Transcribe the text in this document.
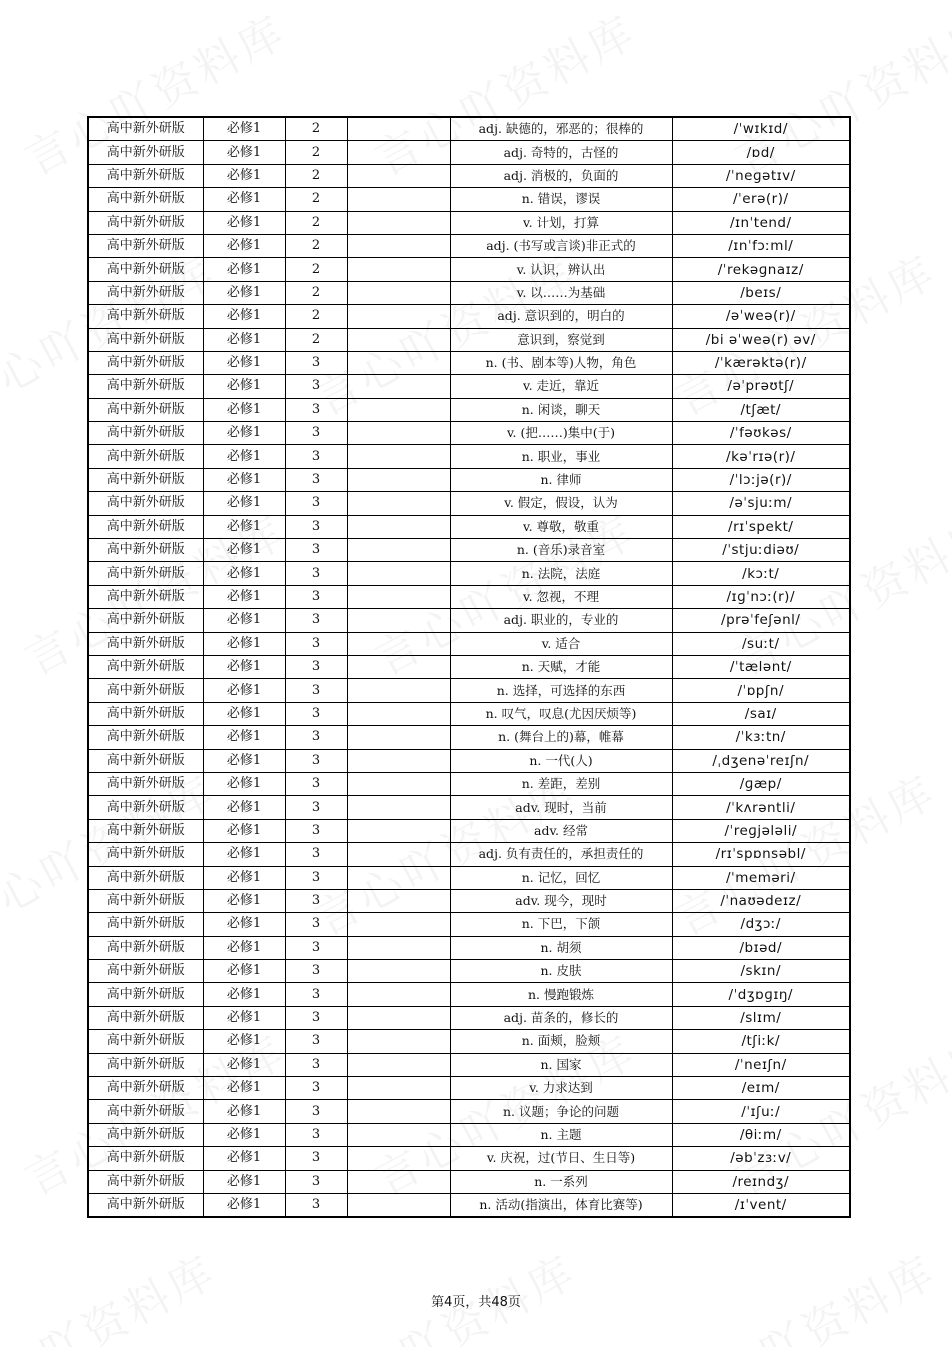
高中新外研版	必修1	2		adj. 缺德的，邪恶的；很棒的	/ˈwɪkɪd/
高中新外研版	必修1	2		adj. 奇特的，古怪的	/ɒd/
高中新外研版	必修1	2		adj. 消极的，负面的	/ˈneɡətɪv/
高中新外研版	必修1	2		n. 错误，谬误	/ˈerə(r)/
高中新外研版	必修1	2		v. 计划，打算	/ɪnˈtend/
高中新外研版	必修1	2		adj. (书写或言谈)非正式的	/ɪnˈfɔːml/
高中新外研版	必修1	2		v. 认识，辨认出	/ˈrekəɡnaɪz/
高中新外研版	必修1	2		v. 以……为基础	/beɪs/
高中新外研版	必修1	2		adj. 意识到的，明白的	/əˈweə(r)/
高中新外研版	必修1	2		意识到，察觉到	/bi əˈweə(r) əv/
高中新外研版	必修1	3		n. (书、剧本等)人物，角色	/ˈkærəktə(r)/
高中新外研版	必修1	3		v. 走近，靠近	/əˈprəʊtʃ/
高中新外研版	必修1	3		n. 闲谈，聊天	/tʃæt/
高中新外研版	必修1	3		v. (把……)集中(于)	/ˈfəʊkəs/
高中新外研版	必修1	3		n. 职业，事业	/kəˈrɪə(r)/
高中新外研版	必修1	3		n. 律师	/ˈlɔːjə(r)/
高中新外研版	必修1	3		v. 假定，假设，认为	/əˈsjuːm/
高中新外研版	必修1	3		v. 尊敬，敬重	/rɪˈspekt/
高中新外研版	必修1	3		n. (音乐)录音室	/ˈstjuːdiəʊ/
高中新外研版	必修1	3		n. 法院，法庭	/kɔːt/
高中新外研版	必修1	3		v. 忽视，不理	/ɪɡˈnɔː(r)/
高中新外研版	必修1	3		adj. 职业的，专业的	/prəˈfeʃənl/
高中新外研版	必修1	3		v. 适合	/suːt/
高中新外研版	必修1	3		n. 天赋，才能	/ˈtælənt/
高中新外研版	必修1	3		n. 选择，可选择的东西	/ˈɒpʃn/
高中新外研版	必修1	3		n. 叹气，叹息(尤因厌烦等)	/saɪ/
高中新外研版	必修1	3		n. (舞台上的)幕，帷幕	/ˈkɜːtn/
高中新外研版	必修1	3		n. 一代(人)	/ˌdʒenəˈreɪʃn/
高中新外研版	必修1	3		n. 差距，差别	/ɡæp/
高中新外研版	必修1	3		adv. 现时，当前	/ˈkʌrəntli/
高中新外研版	必修1	3		adv. 经常	/ˈreɡjələli/
高中新外研版	必修1	3		adj. 负有责任的，承担责任的	/rɪˈspɒnsəbl/
高中新外研版	必修1	3		n. 记忆，回忆	/ˈmeməri/
高中新外研版	必修1	3		adv. 现今，现时	/ˈnaʊədeɪz/
高中新外研版	必修1	3		n. 下巴，下颌	/dʒɔː/
高中新外研版	必修1	3		n. 胡须	/bɪəd/
高中新外研版	必修1	3		n. 皮肤	/skɪn/
高中新外研版	必修1	3		n. 慢跑锻炼	/ˈdʒɒɡɪŋ/
高中新外研版	必修1	3		adj. 苗条的，修长的	/slɪm/
高中新外研版	必修1	3		n. 面颊，脸颊	/tʃiːk/
高中新外研版	必修1	3		n. 国家	/ˈneɪʃn/
高中新外研版	必修1	3		v. 力求达到	/eɪm/
高中新外研版	必修1	3		n. 议题；争论的问题	/ˈɪʃuː/
高中新外研版	必修1	3		n. 主题	/θiːm/
高中新外研版	必修1	3		v. 庆祝，过(节日、生日等)	/əbˈzɜːv/
高中新外研版	必修1	3		n. 一系列	/reɪndʒ/
高中新外研版	必修1	3		n. 活动(指演出，体育比赛等)	/ɪˈvent/
第4页，共48页
